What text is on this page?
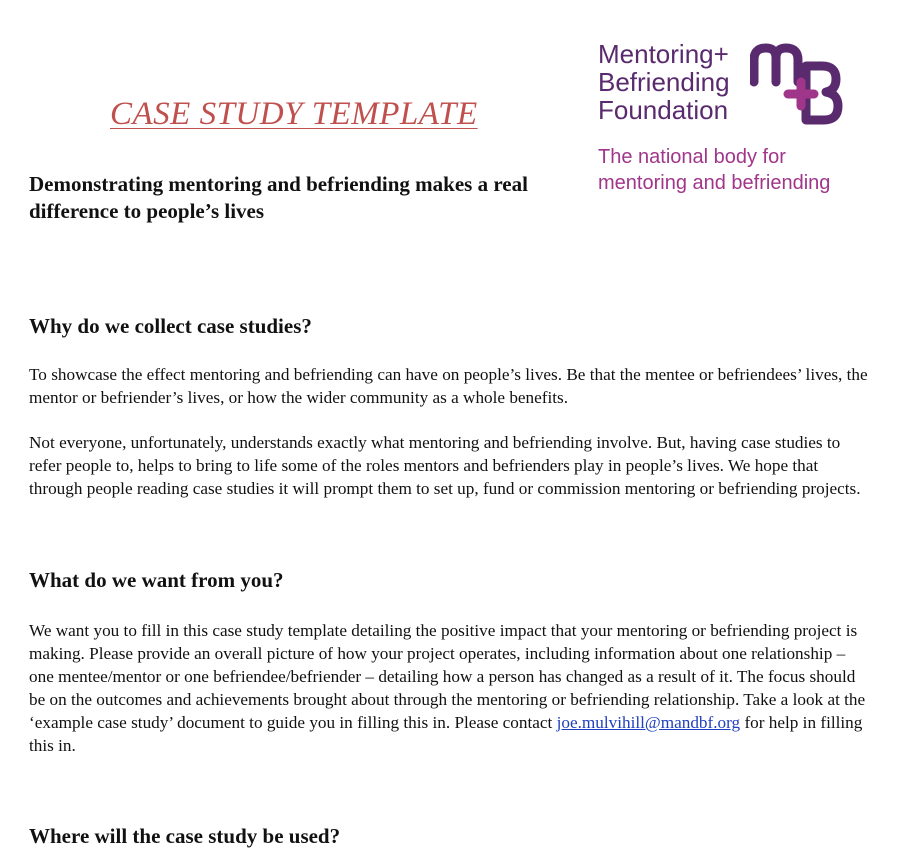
CASE STUDY TEMPLATE
Demonstrating mentoring and befriending makes a real difference to people’s lives
Mentoring+
Befriending
Foundation
The national body for
mentoring and befriending
Why do we collect case studies?

To showcase the effect mentoring and befriending can have on people’s lives. Be that the mentee or befriendees’ lives, the mentor or befriender’s lives, or how the wider community as a whole benefits.

Not everyone, unfortunately, understands exactly what mentoring and befriending involve. But, having case studies to refer people to, helps to bring to life some of the roles mentors and befrienders play in people’s lives. We hope that through people reading case studies it will prompt them to set up, fund or commission mentoring or befriending projects.

What do we want from you?

We want you to fill in this case study template detailing the positive impact that your mentoring or befriending project is making. Please provide an overall picture of how your project operates, including information about one relationship – one mentee/mentor or one befriendee/befriender – detailing how a person has changed as a result of it. The focus should be on the outcomes and achievements brought about through the mentoring or befriending relationship. Take a look at the ‘example case study’ document to guide you in filling this in. Please contact joe.mulvihill@mandbf.org for help in filling this in.

Where will the case study be used?
